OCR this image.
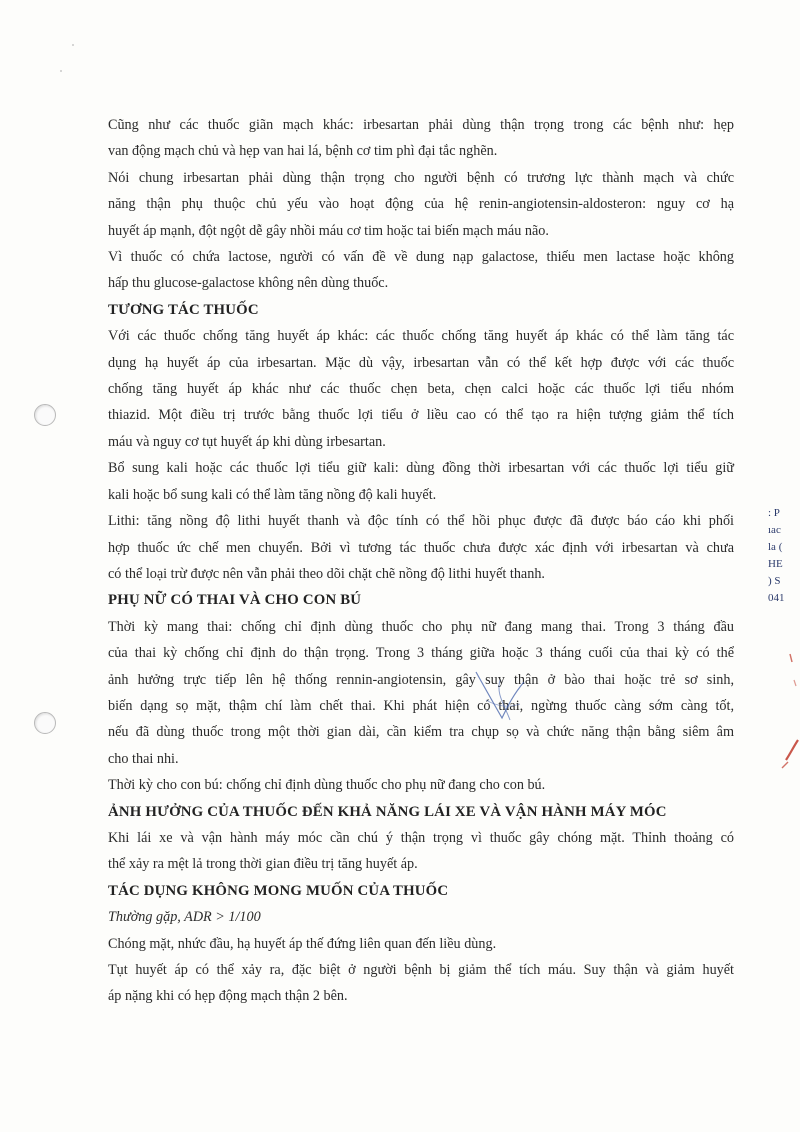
Cũng như các thuốc giãn mạch khác: irbesartan phải dùng thận trọng trong các bệnh như: hẹp
van động mạch chủ và hẹp van hai lá, bệnh cơ tim phì đại tắc nghẽn.

Nói chung irbesartan phải dùng thận trọng cho người bệnh có trương lực thành mạch và chức
năng thận phụ thuộc chủ yếu vào hoạt động của hệ renin-angiotensin-aldosteron: nguy cơ hạ
huyết áp mạnh, đột ngột dễ gây nhồi máu cơ tim hoặc tai biến mạch máu não.

Vì thuốc có chứa lactose, người có vấn đề về dung nạp galactose, thiếu men lactase hoặc không
hấp thu glucose-galactose không nên dùng thuốc.

TƯƠNG TÁC THUỐC

Với các thuốc chống tăng huyết áp khác: các thuốc chống tăng huyết áp khác có thể làm tăng tác
dụng hạ huyết áp của irbesartan. Mặc dù vậy, irbesartan vẫn có thể kết hợp được với các thuốc
chống tăng huyết áp khác như các thuốc chẹn beta, chẹn calci hoặc các thuốc lợi tiểu nhóm
thiazid. Một điều trị trước bằng thuốc lợi tiểu ở liều cao có thể tạo ra hiện tượng giảm thể tích
máu và nguy cơ tụt huyết áp khi dùng irbesartan.

Bổ sung kali hoặc các thuốc lợi tiểu giữ kali: dùng đồng thời irbesartan với các thuốc lợi tiểu giữ
kali hoặc bổ sung kali có thể làm tăng nồng độ kali huyết.

Lithi: tăng nồng độ lithi huyết thanh và độc tính có thể hồi phục được đã được báo cáo khi phối
hợp thuốc ức chế men chuyển. Bởi vì tương tác thuốc chưa được xác định với irbesartan và chưa
có thể loại trừ được nên vẫn phải theo dõi chặt chẽ nồng độ lithi huyết thanh.

PHỤ NỮ CÓ THAI VÀ CHO CON BÚ

Thời kỳ mang thai: chống chỉ định dùng thuốc cho phụ nữ đang mang thai. Trong 3 tháng đầu
của thai kỳ chống chỉ định do thận trọng. Trong 3 tháng giữa hoặc 3 tháng cuối của thai kỳ có thể
ảnh hưởng trực tiếp lên hệ thống rennin-angiotensin, gây suy thận ở bào thai hoặc trẻ sơ sinh,
biến dạng sọ mặt, thậm chí làm chết thai. Khi phát hiện có thai, ngừng thuốc càng sớm càng tốt,
nếu đã dùng thuốc trong một thời gian dài, cần kiểm tra chụp sọ và chức năng thận bằng siêm âm
cho thai nhi.

Thời kỳ cho con bú: chống chỉ định dùng thuốc cho phụ nữ đang cho con bú.

ẢNH HƯỞNG CỦA THUỐC ĐẾN KHẢ NĂNG LÁI XE VÀ VẬN HÀNH MÁY MÓC

Khi lái xe và vận hành máy móc cần chú ý thận trọng vì thuốc gây chóng mặt. Thỉnh thoảng có
thể xảy ra mệt lả trong thời gian điều trị tăng huyết áp.

TÁC DỤNG KHÔNG MONG MUỐN CỦA THUỐC

Thường gặp, ADR > 1/100

Chóng mặt, nhức đầu, hạ huyết áp thế đứng liên quan đến liều dùng.

Tụt huyết áp có thể xảy ra, đặc biệt ở người bệnh bị giảm thể tích máu. Suy thận và giảm huyết
áp nặng khi có hẹp động mạch thận 2 bên.

: P
ıac
la (
HE
) S
041
